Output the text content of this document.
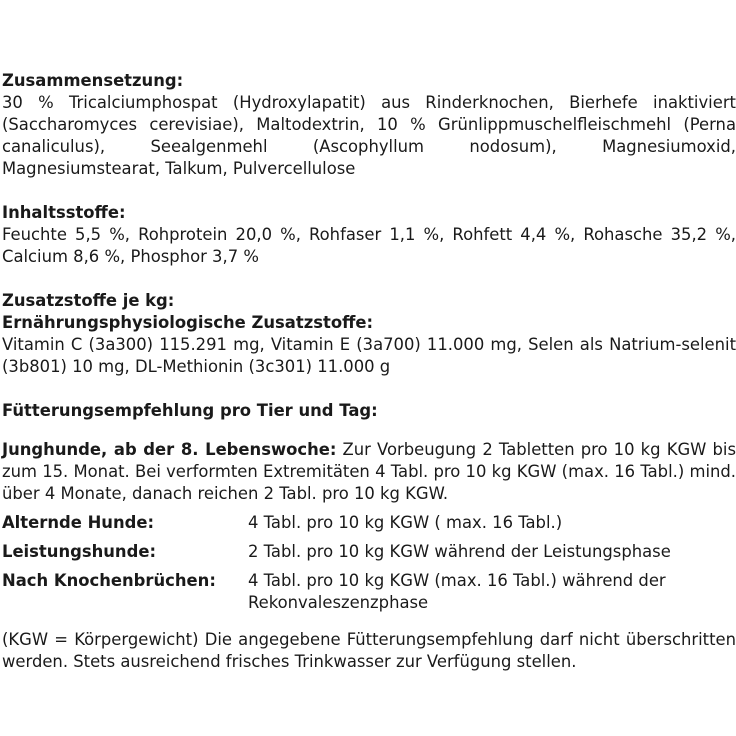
Zusammensetzung:
30 % Tricalciumphospat (Hydroxylapatit) aus Rinderknochen, Bierhefe inaktiviert (Saccharomyces cerevisiae), Maltodextrin, 10 % Grünlippmuschelfleischmehl (Perna canaliculus), Seealgenmehl (Ascophyllum nodosum), Magnesiumoxid, Magnesiumstearat, Talkum, Pulvercellulose
Inhaltsstoffe:
Feuchte 5,5 %, Rohprotein 20,0 %, Rohfaser 1,1 %, Rohfett 4,4 %, Rohasche 35,2 %, Calcium 8,6 %, Phosphor 3,7 %
Zusatzstoffe je kg:
Ernährungsphysiologische Zusatzstoffe:
Vitamin C (3a300) 115.291 mg, Vitamin E (3a700) 11.000 mg, Selen als Natrium-selenit (3b801) 10 mg, DL-Methionin (3c301) 11.000 g
Fütterungsempfehlung pro Tier und Tag:
Junghunde, ab der 8. Lebenswoche: Zur Vorbeugung 2 Tabletten pro 10 kg KGW bis zum 15. Monat. Bei verformten Extremitäten 4 Tabl. pro 10 kg KGW (max. 16 Tabl.) mind. über 4 Monate, danach reichen 2 Tabl. pro 10 kg KGW.
Alternde Hunde:	4 Tabl. pro 10 kg KGW ( max. 16 Tabl.)
Leistungshunde:	2 Tabl. pro 10 kg KGW während der Leistungsphase
Nach Knochenbrüchen:	4 Tabl. pro 10 kg KGW (max. 16 Tabl.) während der Rekonvaleszenzphase
(KGW = Körpergewicht) Die angegebene Fütterungsempfehlung darf nicht überschritten werden. Stets ausreichend frisches Trinkwasser zur Verfügung stellen.
